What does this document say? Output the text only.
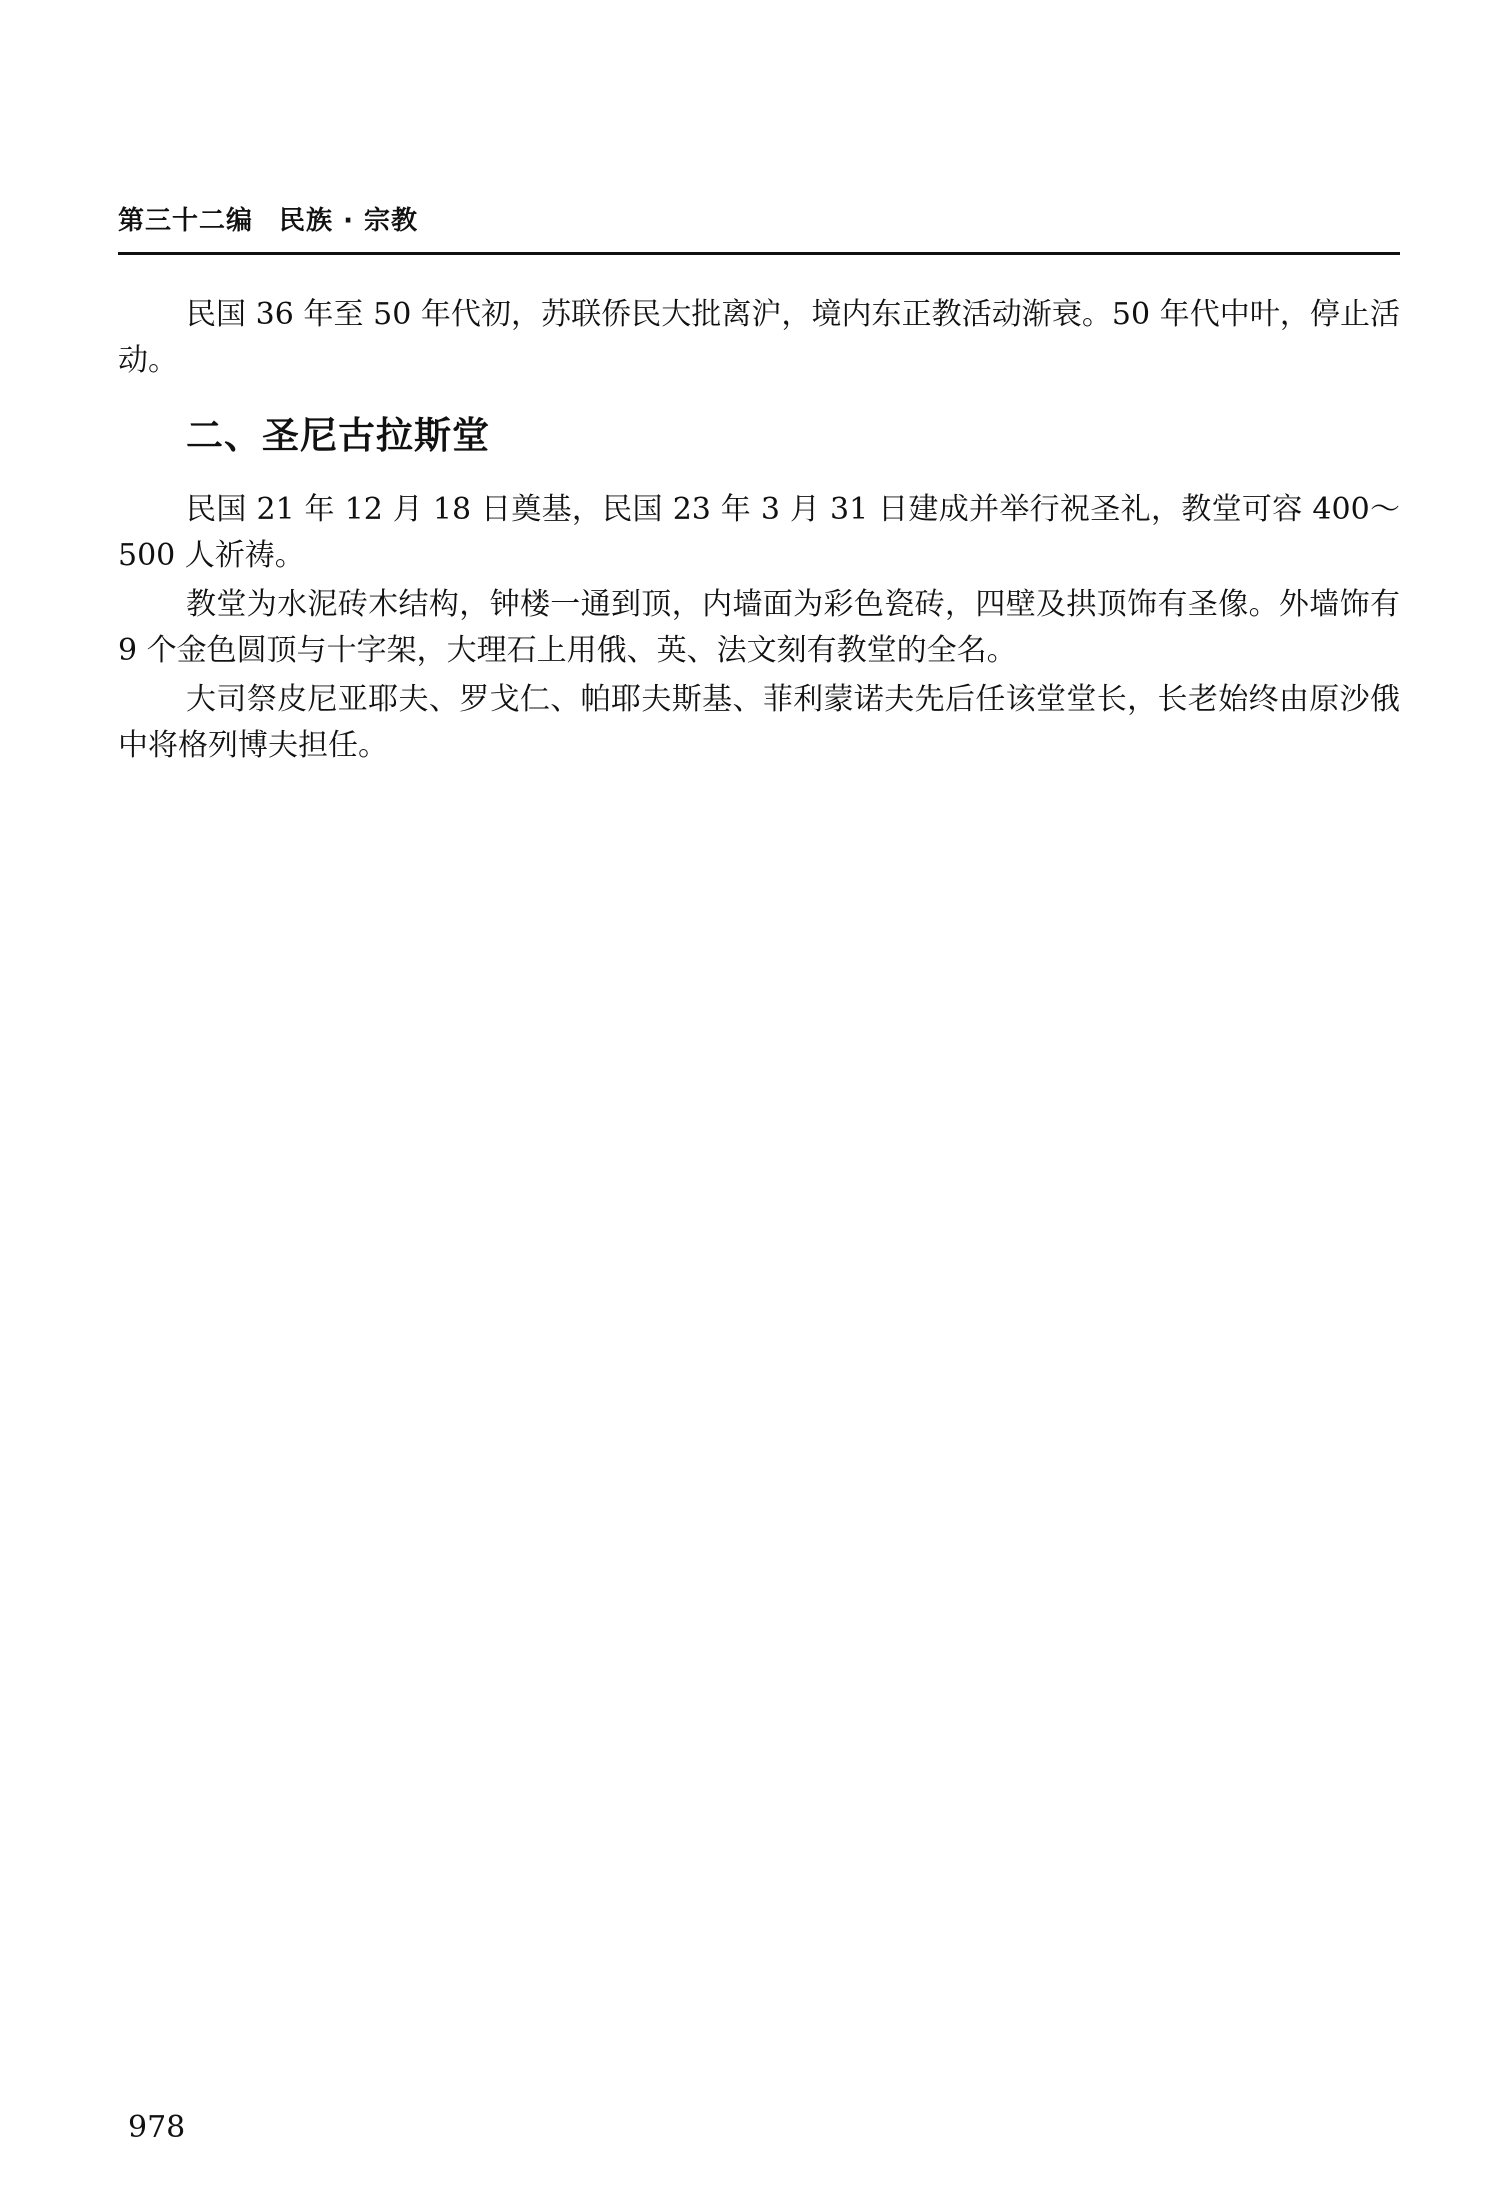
第三十二编 民族 · 宗教

民国 36 年至 50 年代初，苏联侨民大批离沪，境内东正教活动渐衰。50 年代中叶，停止活动。

二、圣尼古拉斯堂

民国 21 年 12 月 18 日奠基，民国 23 年 3 月 31 日建成并举行祝圣礼，教堂可容 400～500 人祈祷。

教堂为水泥砖木结构，钟楼一通到顶，内墙面为彩色瓷砖，四壁及拱顶饰有圣像。外墙饰有 9 个金色圆顶与十字架，大理石上用俄、英、法文刻有教堂的全名。

大司祭皮尼亚耶夫、罗戈仁、帕耶夫斯基、菲利蒙诺夫先后任该堂堂长，长老始终由原沙俄中将格列博夫担任。

978
